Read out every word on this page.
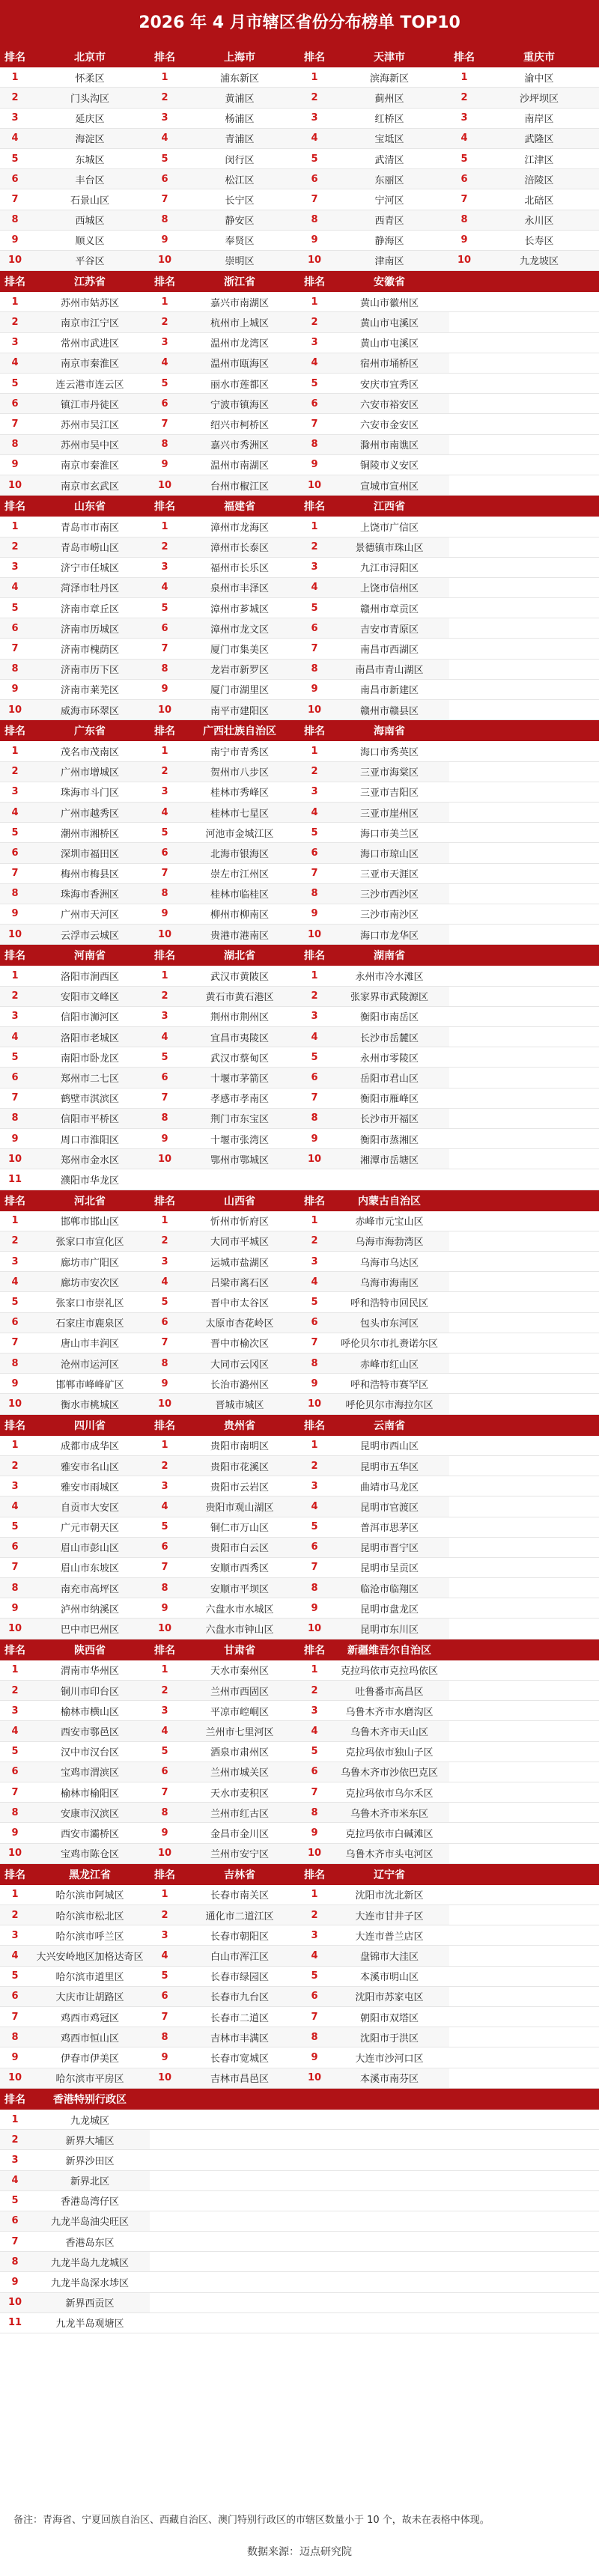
2026 年 4 月市辖区省份分布榜单 TOP10
排名	北京市	排名	上海市	排名	天津市	排名	重庆市
1	怀柔区	1	浦东新区	1	滨海新区	1	渝中区
2	门头沟区	2	黄浦区	2	蓟州区	2	沙坪坝区
3	延庆区	3	杨浦区	3	红桥区	3	南岸区
4	海淀区	4	青浦区	4	宝坻区	4	武隆区
5	东城区	5	闵行区	5	武清区	5	江津区
6	丰台区	6	松江区	6	东丽区	6	涪陵区
7	石景山区	7	长宁区	7	宁河区	7	北碚区
8	西城区	8	静安区	8	西青区	8	永川区
9	顺义区	9	奉贤区	9	静海区	9	长寿区
10	平谷区	10	崇明区	10	津南区	10	九龙坡区
排名	江苏省	排名	浙江省	排名	安徽省		
1	苏州市姑苏区	1	嘉兴市南湖区	1	黄山市徽州区		
2	南京市江宁区	2	杭州市上城区	2	黄山市屯溪区		
3	常州市武进区	3	温州市龙湾区	3	黄山市屯溪区		
4	南京市秦淮区	4	温州市瓯海区	4	宿州市埇桥区		
5	连云港市连云区	5	丽水市莲都区	5	安庆市宜秀区		
6	镇江市丹徒区	6	宁波市镇海区	6	六安市裕安区		
7	苏州市吴江区	7	绍兴市柯桥区	7	六安市金安区		
8	苏州市吴中区	8	嘉兴市秀洲区	8	滁州市南谯区		
9	南京市秦淮区	9	温州市南湖区	9	铜陵市义安区		
10	南京市玄武区	10	台州市椒江区	10	宣城市宣州区		
排名	山东省	排名	福建省	排名	江西省		
1	青岛市市南区	1	漳州市龙海区	1	上饶市广信区		
2	青岛市崂山区	2	漳州市长泰区	2	景德镇市珠山区		
3	济宁市任城区	3	福州市长乐区	3	九江市浔阳区		
4	菏泽市牡丹区	4	泉州市丰泽区	4	上饶市信州区		
5	济南市章丘区	5	漳州市芗城区	5	赣州市章贡区		
6	济南市历城区	6	漳州市龙文区	6	吉安市青原区		
7	济南市槐荫区	7	厦门市集美区	7	南昌市西湖区		
8	济南市历下区	8	龙岩市新罗区	8	南昌市青山湖区		
9	济南市莱芜区	9	厦门市湖里区	9	南昌市新建区		
10	威海市环翠区	10	南平市建阳区	10	赣州市赣县区		
排名	广东省	排名	广西壮族自治区	排名	海南省		
1	茂名市茂南区	1	南宁市青秀区	1	海口市秀英区		
2	广州市增城区	2	贺州市八步区	2	三亚市海棠区		
3	珠海市斗门区	3	桂林市秀峰区	3	三亚市吉阳区		
4	广州市越秀区	4	桂林市七星区	4	三亚市崖州区		
5	潮州市湘桥区	5	河池市金城江区	5	海口市美兰区		
6	深圳市福田区	6	北海市银海区	6	海口市琼山区		
7	梅州市梅县区	7	崇左市江州区	7	三亚市天涯区		
8	珠海市香洲区	8	桂林市临桂区	8	三沙市西沙区		
9	广州市天河区	9	柳州市柳南区	9	三沙市南沙区		
10	云浮市云城区	10	贵港市港南区	10	海口市龙华区		
排名	河南省	排名	湖北省	排名	湖南省		
1	洛阳市涧西区	1	武汉市黄陂区	1	永州市冷水滩区		
2	安阳市文峰区	2	黄石市黄石港区	2	张家界市武陵源区		
3	信阳市浉河区	3	荆州市荆州区	3	衡阳市南岳区		
4	洛阳市老城区	4	宜昌市夷陵区	4	长沙市岳麓区		
5	南阳市卧龙区	5	武汉市蔡甸区	5	永州市零陵区		
6	郑州市二七区	6	十堰市茅箭区	6	岳阳市君山区		
7	鹤壁市淇滨区	7	孝感市孝南区	7	衡阳市雁峰区		
8	信阳市平桥区	8	荆门市东宝区	8	长沙市开福区		
9	周口市淮阳区	9	十堰市张湾区	9	衡阳市蒸湘区		
10	郑州市金水区	10	鄂州市鄂城区	10	湘潭市岳塘区		
11	濮阳市华龙区						
排名	河北省	排名	山西省	排名	内蒙古自治区		
1	邯郸市邯山区	1	忻州市忻府区	1	赤峰市元宝山区		
2	张家口市宣化区	2	大同市平城区	2	乌海市海勃湾区		
3	廊坊市广阳区	3	运城市盐湖区	3	乌海市乌达区		
4	廊坊市安次区	4	吕梁市离石区	4	乌海市海南区		
5	张家口市崇礼区	5	晋中市太谷区	5	呼和浩特市回民区		
6	石家庄市鹿泉区	6	太原市杏花岭区	6	包头市东河区		
7	唐山市丰润区	7	晋中市榆次区	7	呼伦贝尔市扎赉诺尔区		
8	沧州市运河区	8	大同市云冈区	8	赤峰市红山区		
9	邯郸市峰峰矿区	9	长治市潞州区	9	呼和浩特市赛罕区		
10	衡水市桃城区	10	晋城市城区	10	呼伦贝尔市海拉尔区		
排名	四川省	排名	贵州省	排名	云南省		
1	成都市成华区	1	贵阳市南明区	1	昆明市西山区		
2	雅安市名山区	2	贵阳市花溪区	2	昆明市五华区		
3	雅安市雨城区	3	贵阳市云岩区	3	曲靖市马龙区		
4	自贡市大安区	4	贵阳市观山湖区	4	昆明市官渡区		
5	广元市朝天区	5	铜仁市万山区	5	普洱市思茅区		
6	眉山市彭山区	6	贵阳市白云区	6	昆明市晋宁区		
7	眉山市东坡区	7	安顺市西秀区	7	昆明市呈贡区		
8	南充市高坪区	8	安顺市平坝区	8	临沧市临翔区		
9	泸州市纳溪区	9	六盘水市水城区	9	昆明市盘龙区		
10	巴中市巴州区	10	六盘水市钟山区	10	昆明市东川区		
排名	陕西省	排名	甘肃省	排名	新疆维吾尔自治区		
1	渭南市华州区	1	天水市秦州区	1	克拉玛依市克拉玛依区		
2	铜川市印台区	2	兰州市西固区	2	吐鲁番市高昌区		
3	榆林市横山区	3	平凉市崆峒区	3	乌鲁木齐市水磨沟区		
4	西安市鄠邑区	4	兰州市七里河区	4	乌鲁木齐市天山区		
5	汉中市汉台区	5	酒泉市肃州区	5	克拉玛依市独山子区		
6	宝鸡市渭滨区	6	兰州市城关区	6	乌鲁木齐市沙依巴克区		
7	榆林市榆阳区	7	天水市麦积区	7	克拉玛依市乌尔禾区		
8	安康市汉滨区	8	兰州市红古区	8	乌鲁木齐市米东区		
9	西安市灞桥区	9	金昌市金川区	9	克拉玛依市白碱滩区		
10	宝鸡市陈仓区	10	兰州市安宁区	10	乌鲁木齐市头屯河区		
排名	黑龙江省	排名	吉林省	排名	辽宁省		
1	哈尔滨市阿城区	1	长春市南关区	1	沈阳市沈北新区		
2	哈尔滨市松北区	2	通化市二道江区	2	大连市甘井子区		
3	哈尔滨市呼兰区	3	长春市朝阳区	3	大连市普兰店区		
4	大兴安岭地区加格达奇区	4	白山市浑江区	4	盘锦市大洼区		
5	哈尔滨市道里区	5	长春市绿园区	5	本溪市明山区		
6	大庆市让胡路区	6	长春市九台区	6	沈阳市苏家屯区		
7	鸡西市鸡冠区	7	长春市二道区	7	朝阳市双塔区		
8	鸡西市恒山区	8	吉林市丰满区	8	沈阳市于洪区		
9	伊春市伊美区	9	长春市宽城区	9	大连市沙河口区		
10	哈尔滨市平房区	10	吉林市昌邑区	10	本溪市南芬区		
排名	香港特别行政区						
1	九龙城区						
2	新界大埔区						
3	新界沙田区						
4	新界北区						
5	香港岛湾仔区						
6	九龙半岛油尖旺区						
7	香港岛东区						
8	九龙半岛九龙城区						
9	九龙半岛深水埗区						
10	新界西贡区						
11	九龙半岛观塘区						
备注：青海省、宁夏回族自治区、西藏自治区、澳门特别行政区的市辖区数量小于 10 个，故未在表格中体现。
数据来源：迈点研究院
